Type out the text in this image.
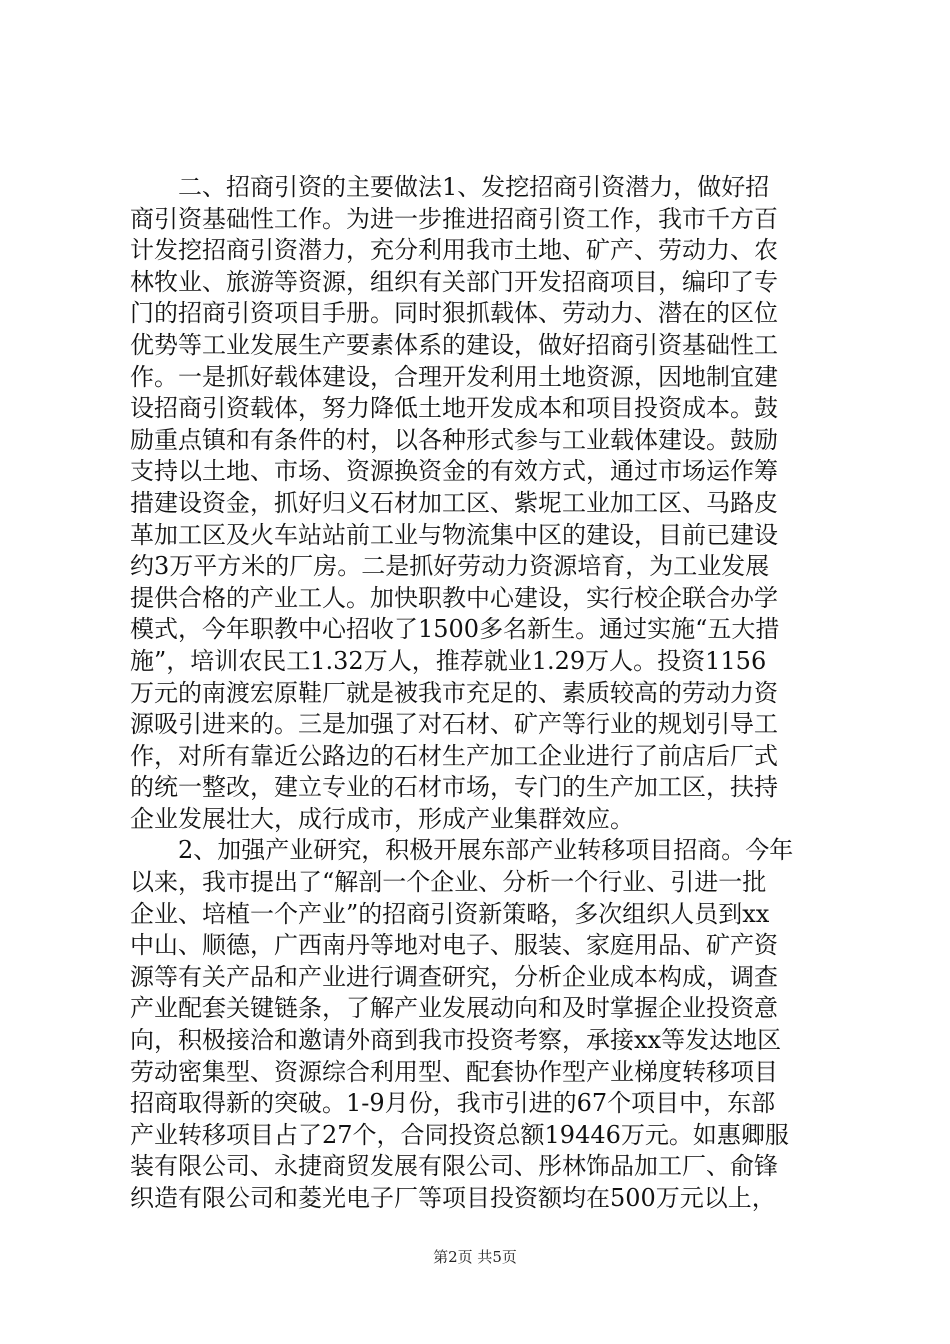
二、招商引资的主要做法1、发挖招商引资潜力，做好招
商引资基础性工作。为进一步推进招商引资工作，我市千方百
计发挖招商引资潜力，充分利用我市土地、矿产、劳动力、农
林牧业、旅游等资源，组织有关部门开发招商项目，编印了专
门的招商引资项目手册。同时狠抓载体、劳动力、潜在的区位
优势等工业发展生产要素体系的建设，做好招商引资基础性工
作。一是抓好载体建设，合理开发利用土地资源，因地制宜建
设招商引资载体，努力降低土地开发成本和项目投资成本。鼓
励重点镇和有条件的村，以各种形式参与工业载体建设。鼓励
支持以土地、市场、资源换资金的有效方式，通过市场运作筹
措建设资金，抓好归义石材加工区、紫坭工业加工区、马路皮
革加工区及火车站站前工业与物流集中区的建设，目前已建设
约3万平方米的厂房。二是抓好劳动力资源培育，为工业发展
提供合格的产业工人。加快职教中心建设，实行校企联合办学
模式，今年职教中心招收了1500多名新生。通过实施“五大措
施”，培训农民工1.32万人，推荐就业1.29万人。投资1156
万元的南渡宏原鞋厂就是被我市充足的、素质较高的劳动力资
源吸引进来的。三是加强了对石材、矿产等行业的规划引导工
作，对所有靠近公路边的石材生产加工企业进行了前店后厂式
的统一整改，建立专业的石材市场，专门的生产加工区，扶持
企业发展壮大，成行成市，形成产业集群效应。
2、加强产业研究，积极开展东部产业转移项目招商。今年
以来，我市提出了“解剖一个企业、分析一个行业、引进一批
企业、培植一个产业”的招商引资新策略，多次组织人员到xx
中山、顺德，广西南丹等地对电子、服装、家庭用品、矿产资
源等有关产品和产业进行调查研究，分析企业成本构成，调查
产业配套关键链条，了解产业发展动向和及时掌握企业投资意
向，积极接洽和邀请外商到我市投资考察，承接xx等发达地区
劳动密集型、资源综合利用型、配套协作型产业梯度转移项目
招商取得新的突破。1-9月份，我市引进的67个项目中，东部
产业转移项目占了27个，合同投资总额19446万元。如惠卿服
装有限公司、永捷商贸发展有限公司、彤林饰品加工厂、俞锋
织造有限公司和菱光电子厂等项目投资额均在500万元以上，
第2页 共5页
